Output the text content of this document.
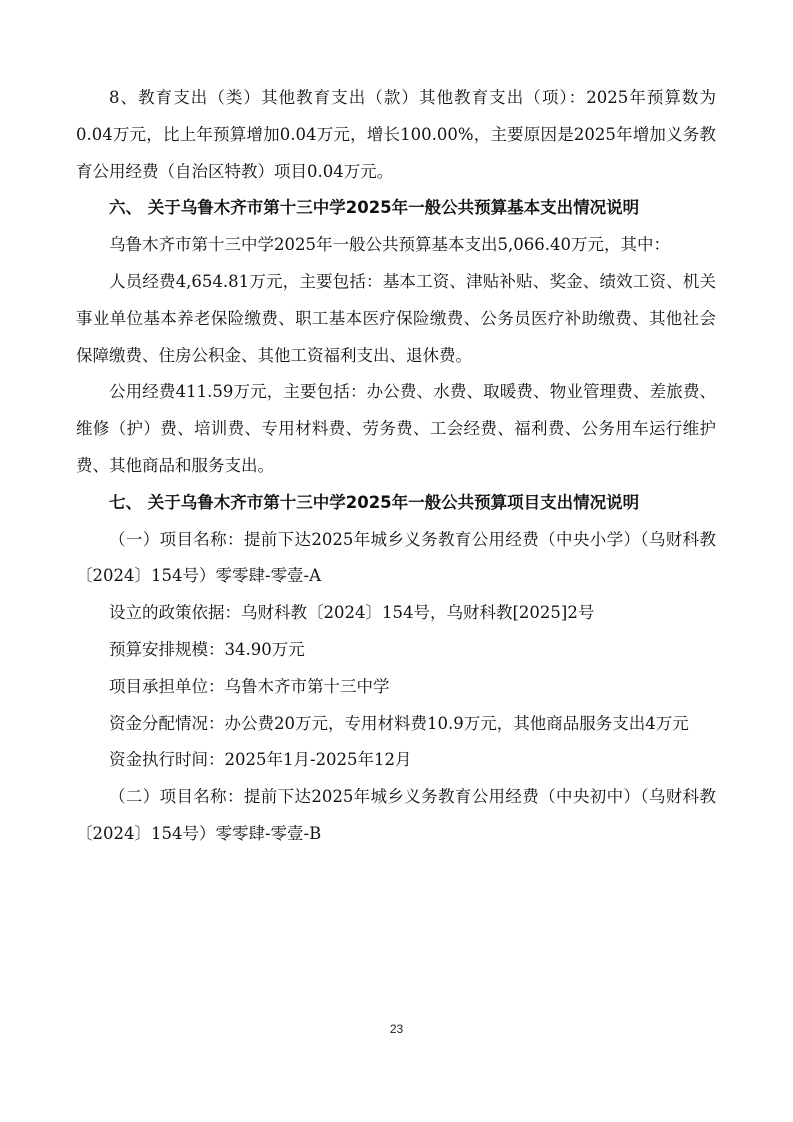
8、教育支出（类）其他教育支出（款）其他教育支出（项）：2025年预算数为0.04万元，比上年预算增加0.04万元，增长100.00%，主要原因是2025年增加义务教育公用经费（自治区特教）项目0.04万元。

六、 关于乌鲁木齐市第十三中学2025年一般公共预算基本支出情况说明

乌鲁木齐市第十三中学2025年一般公共预算基本支出5,066.40万元，其中：

人员经费4,654.81万元，主要包括：基本工资、津贴补贴、奖金、绩效工资、机关事业单位基本养老保险缴费、职工基本医疗保险缴费、公务员医疗补助缴费、其他社会保障缴费、住房公积金、其他工资福利支出、退休费。

公用经费411.59万元，主要包括：办公费、水费、取暖费、物业管理费、差旅费、维修（护）费、培训费、专用材料费、劳务费、工会经费、福利费、公务用车运行维护费、其他商品和服务支出。

七、 关于乌鲁木齐市第十三中学2025年一般公共预算项目支出情况说明

（一）项目名称：提前下达2025年城乡义务教育公用经费（中央小学）（乌财科教〔2024〕154号）零零肆-零壹-A

设立的政策依据：乌财科教〔2024〕154号，乌财科教[2025]2号

预算安排规模：34.90万元

项目承担单位：乌鲁木齐市第十三中学

资金分配情况：办公费20万元，专用材料费10.9万元，其他商品服务支出4万元

资金执行时间：2025年1月-2025年12月

（二）项目名称：提前下达2025年城乡义务教育公用经费（中央初中）（乌财科教〔2024〕154号）零零肆-零壹-B

23
